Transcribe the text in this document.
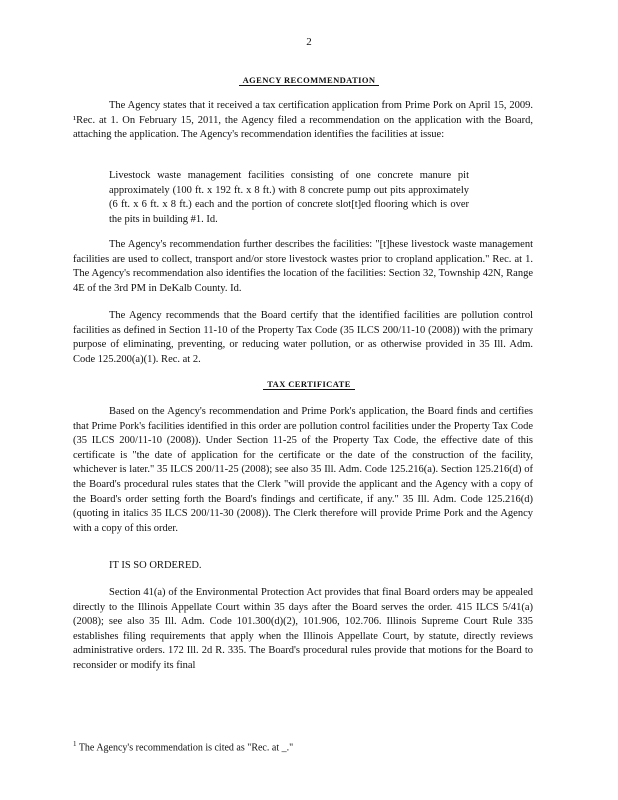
2
AGENCY RECOMMENDATION

The Agency states that it received a tax certification application from Prime Pork on April 15, 2009. ¹Rec. at 1. On February 15, 2011, the Agency filed a recommendation on the application with the Board, attaching the application. The Agency's recommendation identifies the facilities at issue:

Livestock waste management facilities consisting of one concrete manure pit approximately (100 ft. x 192 ft. x 8 ft.) with 8 concrete pump out pits approximately (6 ft. x 6 ft. x 8 ft.) each and the portion of concrete slot[t]ed flooring which is over the pits in building #1. Id.

The Agency's recommendation further describes the facilities: "[t]hese livestock waste management facilities are used to collect, transport and/or store livestock wastes prior to cropland application." Rec. at 1. The Agency's recommendation also identifies the location of the facilities: Section 32, Township 42N, Range 4E of the 3rd PM in DeKalb County. Id.

The Agency recommends that the Board certify that the identified facilities are pollution control facilities as defined in Section 11-10 of the Property Tax Code (35 ILCS 200/11-10 (2008)) with the primary purpose of eliminating, preventing, or reducing water pollution, or as otherwise provided in 35 Ill. Adm. Code 125.200(a)(1). Rec. at 2.

TAX CERTIFICATE

Based on the Agency's recommendation and Prime Pork's application, the Board finds and certifies that Prime Pork's facilities identified in this order are pollution control facilities under the Property Tax Code (35 ILCS 200/11-10 (2008)). Under Section 11-25 of the Property Tax Code, the effective date of this certificate is "the date of application for the certificate or the date of the construction of the facility, whichever is later." 35 ILCS 200/11-25 (2008); see also 35 Ill. Adm. Code 125.216(a). Section 125.216(d) of the Board's procedural rules states that the Clerk "will provide the applicant and the Agency with a copy of the Board's order setting forth the Board's findings and certificate, if any." 35 Ill. Adm. Code 125.216(d) (quoting in italics 35 ILCS 200/11-30 (2008)). The Clerk therefore will provide Prime Pork and the Agency with a copy of this order.

IT IS SO ORDERED.

Section 41(a) of the Environmental Protection Act provides that final Board orders may be appealed directly to the Illinois Appellate Court within 35 days after the Board serves the order. 415 ILCS 5/41(a) (2008); see also 35 Ill. Adm. Code 101.300(d)(2), 101.906, 102.706. Illinois Supreme Court Rule 335 establishes filing requirements that apply when the Illinois Appellate Court, by statute, directly reviews administrative orders. 172 Ill. 2d R. 335. The Board's procedural rules provide that motions for the Board to reconsider or modify its final

$^1$ The Agency's recommendation is cited as "Rec. at _."
